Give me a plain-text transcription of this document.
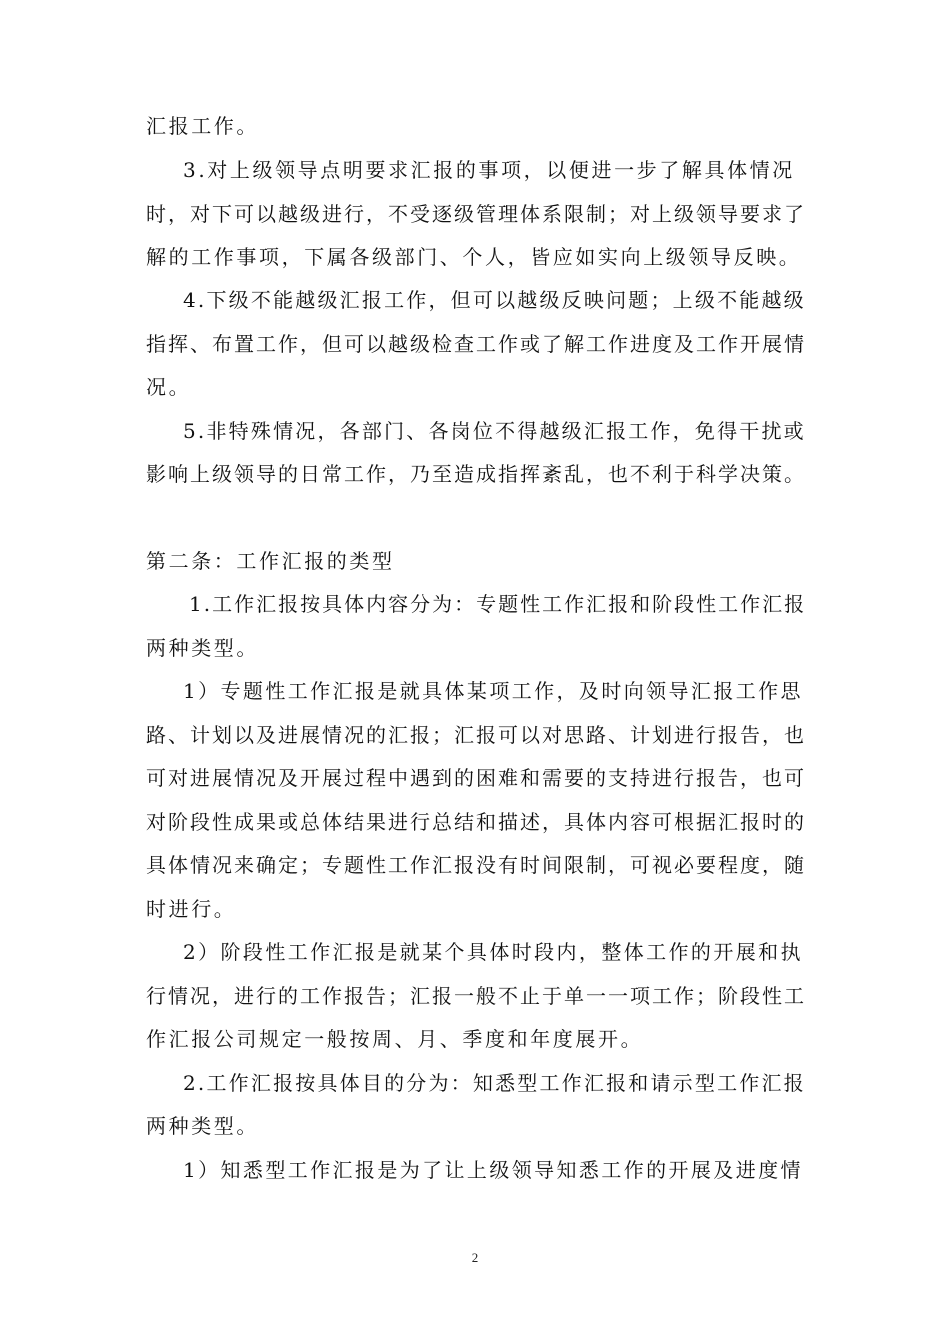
汇报工作。
3.对上级领导点明要求汇报的事项，以便进一步了解具体情况
时，对下可以越级进行，不受逐级管理体系限制；对上级领导要求了
解的工作事项，下属各级部门、个人，皆应如实向上级领导反映。
4.下级不能越级汇报工作，但可以越级反映问题；上级不能越级
指挥、布置工作，但可以越级检查工作或了解工作进度及工作开展情
况。
5.非特殊情况，各部门、各岗位不得越级汇报工作，免得干扰或
影响上级领导的日常工作，乃至造成指挥紊乱，也不利于科学决策。
第二条：工作汇报的类型
1.工作汇报按具体内容分为：专题性工作汇报和阶段性工作汇报
两种类型。
1）专题性工作汇报是就具体某项工作，及时向领导汇报工作思
路、计划以及进展情况的汇报；汇报可以对思路、计划进行报告，也
可对进展情况及开展过程中遇到的困难和需要的支持进行报告，也可
对阶段性成果或总体结果进行总结和描述，具体内容可根据汇报时的
具体情况来确定；专题性工作汇报没有时间限制，可视必要程度，随
时进行。
2）阶段性工作汇报是就某个具体时段内，整体工作的开展和执
行情况，进行的工作报告；汇报一般不止于单一一项工作；阶段性工
作汇报公司规定一般按周、月、季度和年度展开。
2.工作汇报按具体目的分为：知悉型工作汇报和请示型工作汇报
两种类型。
1）知悉型工作汇报是为了让上级领导知悉工作的开展及进度情
2
